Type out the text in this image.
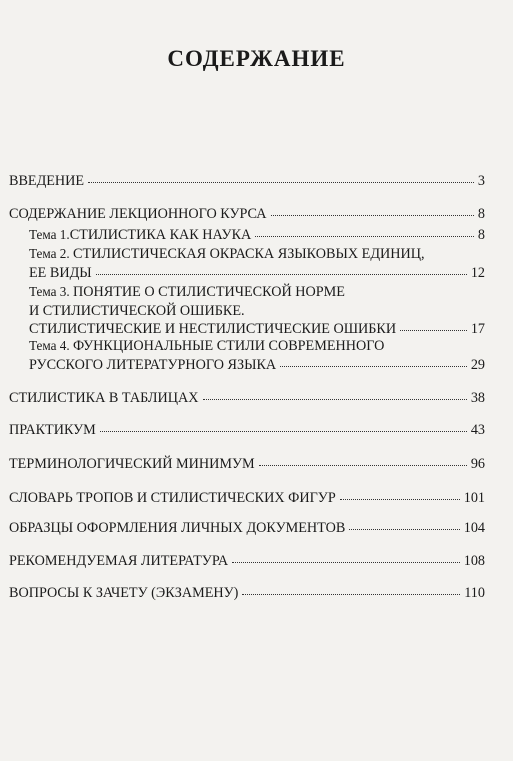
СОДЕРЖАНИЕ
ВВЕДЕНИЕ	3
СОДЕРЖАНИЕ ЛЕКЦИОННОГО КУРСА	8
Тема 1. СТИЛИСТИКА КАК НАУКА	8
Тема 2. СТИЛИСТИЧЕСКАЯ ОКРАСКА ЯЗЫКОВЫХ ЕДИНИЦ,
ЕЕ ВИДЫ	12
Тема 3. ПОНЯТИЕ О СТИЛИСТИЧЕСКОЙ НОРМЕ
И СТИЛИСТИЧЕСКОЙ ОШИБКЕ.
СТИЛИСТИЧЕСКИЕ И НЕСТИЛИСТИЧЕСКИЕ ОШИБКИ	17
Тема 4. ФУНКЦИОНАЛЬНЫЕ СТИЛИ СОВРЕМЕННОГО
РУССКОГО ЛИТЕРАТУРНОГО ЯЗЫКА	29
СТИЛИСТИКА В ТАБЛИЦАХ	38
ПРАКТИКУМ	43
ТЕРМИНОЛОГИЧЕСКИЙ МИНИМУМ	96
СЛОВАРЬ ТРОПОВ И СТИЛИСТИЧЕСКИХ ФИГУР	101
ОБРАЗЦЫ ОФОРМЛЕНИЯ ЛИЧНЫХ ДОКУМЕНТОВ	104
РЕКОМЕНДУЕМАЯ ЛИТЕРАТУРА	108
ВОПРОСЫ К ЗАЧЕТУ (ЭКЗАМЕНУ)	110
